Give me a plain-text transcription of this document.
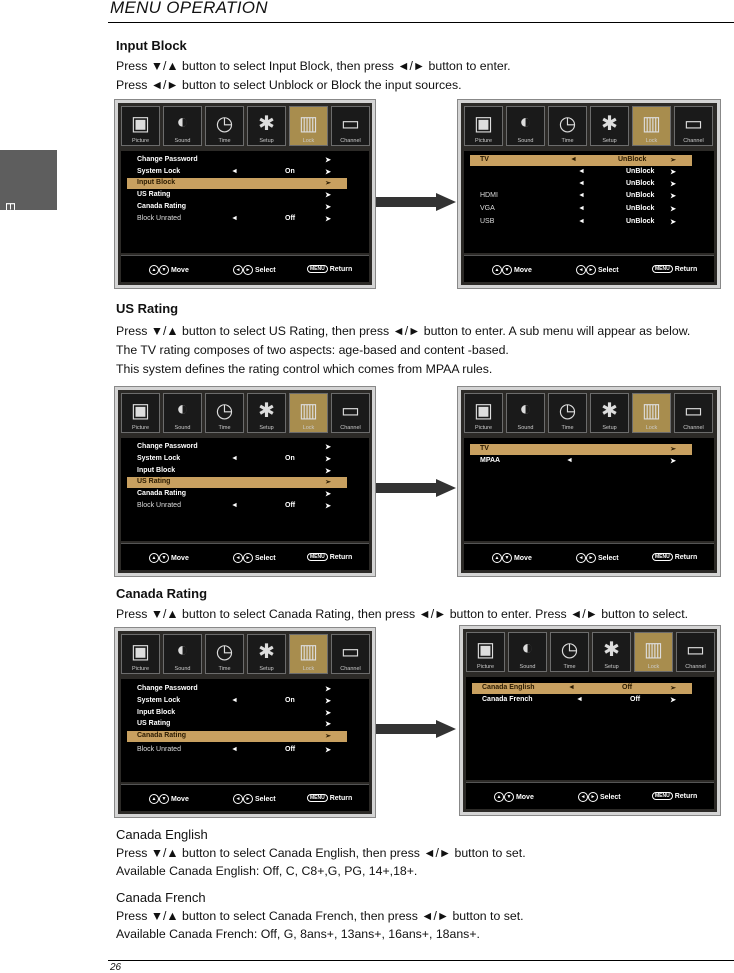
MENU OPERATION
English
Input Block
Press ▼/▲ button to select Input Block, then press ◄/► button to enter.
Press ◄/► button to select Unblock or Block the input sources.
▣
Picture
◐
Sound
◷
Time
✱
Setup
▥
Lock
▭
Channel
Change Password	➤
System Lock	◄	On	➤
Input Block	➢
US Rating	➤
Canada Rating	➤
Block Unrated	◄	Off	➤
▲ ▼ Move	◄ ► Select	MENU Return
▣
Picture
◐
Sound
◷
Time
✱
Setup
▥
Lock
▭
Channel
TV	◄	UnBlock	➢
◄	UnBlock ➤
◄	UnBlock ➤
HDMI	◄	UnBlock ➤
VGA	◄	UnBlock ➤
USB	◄	UnBlock ➤
▲ ▼ Move	◄ ► Select	MENU Return
US Rating
Press ▼/▲ button to select US Rating, then press ◄/► button to enter. A sub menu will appear as below.
The TV rating composes of two aspects: age-based and content -based.
This system defines the rating control which comes from MPAA rules.
▣
Picture
◐
Sound
◷
Time
✱
Setup
▥
Lock
▭
Channel
Change Password	➤
System Lock	◄	On	➤
Input Block	➤
US Rating	➢
Canada Rating	➤
Block Unrated	◄	Off	➤
▲ ▼ Move	◄ ► Select	MENU Return
▣
Picture
◐
Sound
◷
Time
✱
Setup
▥
Lock
▭
Channel
TV	➢
MPAA	◄	➤
▲ ▼ Move	◄ ► Select	MENU Return
Canada Rating
Press ▼/▲ button to select Canada Rating, then press ◄/► button to enter. Press ◄/► button to select.
▣
Picture
◐
Sound
◷
Time
✱
Setup
▥
Lock
▭
Channel
Change Password	➤
System Lock	◄	On	➤
Input Block	➤
US Rating	➤
Canada Rating	➢
Block Unrated	◄	Off	➤
▲ ▼ Move	◄ ► Select	MENU Return
▣
Picture
◐
Sound
◷
Time
✱
Setup
▥
Lock
▭
Channel
Canada English	◄	Off	➢
Canada French	◄	Off	➤
▲ ▼ Move	◄ ► Select	MENU Return
Canada English
Press ▼/▲ button to select Canada English, then press ◄/► button to set.
Available Canada English: Off, C, C8+,G, PG, 14+,18+.
Canada French
Press ▼/▲ button to select Canada French, then press ◄/► button to set.
Available Canada French: Off, G, 8ans+, 13ans+, 16ans+, 18ans+.
26
